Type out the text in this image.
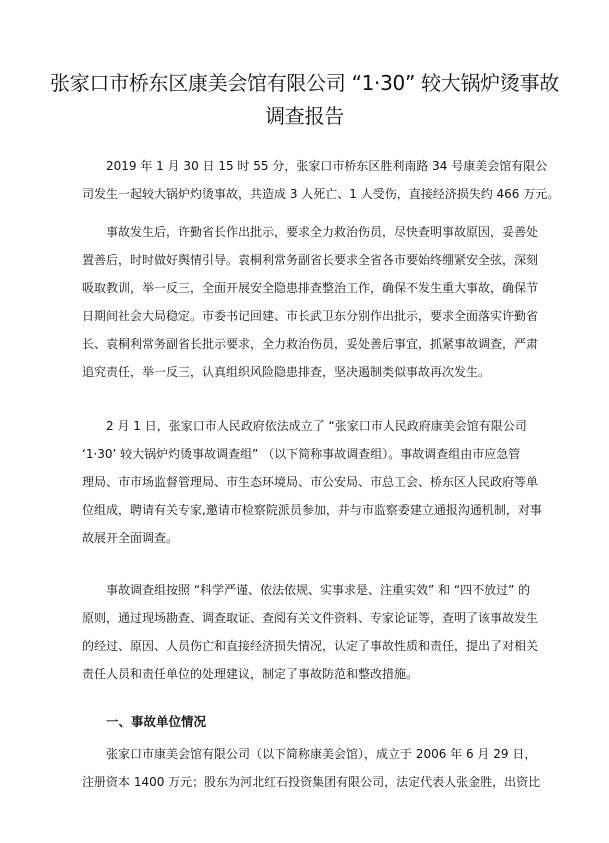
张家口市桥东区康美会馆有限公司 “1·30” 较大锅炉烫事故
调查报告

2019 年 1 月 30 日 15 时 55 分，张家口市桥东区胜利南路 34 号康美会馆有限公
司发生一起较大锅炉灼烫事故，共造成 3 人死亡、1 人受伤，直接经济损失约 466 万元。

事故发生后，许勤省长作出批示，要求全力救治伤员，尽快查明事故原因，妥善处
置善后，时时做好舆情引导。袁桐利常务副省长要求全省各市要始终绷紧安全弦，深刻
吸取教训，举一反三，全面开展安全隐患排查整治工作，确保不发生重大事故，确保节
日期间社会大局稳定。市委书记回建、市长武卫东分别作出批示，要求全面落实许勤省
长、袁桐利常务副省长批示要求，全力救治伤员，妥处善后事宜，抓紧事故调查，严肃
追究责任，举一反三，认真组织风险隐患排查，坚决遏制类似事故再次发生。

2 月 1 日，张家口市人民政府依法成立了 “张家口市人民政府康美会馆有限公司
‘1·30’ 较大锅炉灼烫事故调查组” （以下简称事故调查组）。事故调查组由市应急管
理局、市市场监督管理局、市生态环境局、市公安局、市总工会、桥东区人民政府等单
位组成，聘请有关专家,邀请市检察院派员参加，并与市监察委建立通报沟通机制，对事
故展开全面调查。

事故调查组按照 “科学严谨、依法依规、实事求是、注重实效” 和 “四不放过” 的
原则，通过现场勘查、调查取证、查阅有关文件资料、专家论证等，查明了该事故发生
的经过、原因、人员伤亡和直接经济损失情况，认定了事故性质和责任，提出了对相关
责任人员和责任单位的处理建议，制定了事故防范和整改措施。

一、事故单位情况

张家口市康美会馆有限公司（以下简称康美会馆），成立于 2006 年 6 月 29 日，
注册资本 1400 万元；股东为河北红石投资集团有限公司，法定代表人张金胜，出资比
